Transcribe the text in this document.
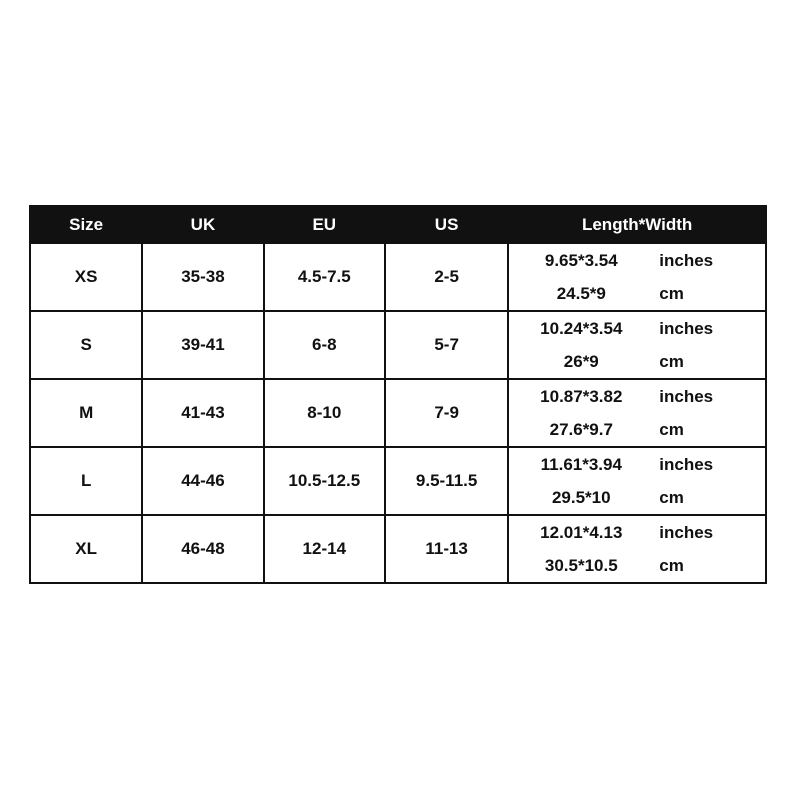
Size	UK	EU	US	Length*Width
XS	35-38	4.5-7.5	2-5	9.65*3.54 inches
24.5*9 cm

S	39-41	6-8	5-7	10.24*3.54 inches
26*9 cm

M	41-43	8-10	7-9	10.87*3.82 inches
27.6*9.7 cm

L	44-46	10.5-12.5	9.5-11.5	11.61*3.94 inches
29.5*10 cm

XL	46-48	12-14	11-13	12.01*4.13 inches
30.5*10.5 cm
